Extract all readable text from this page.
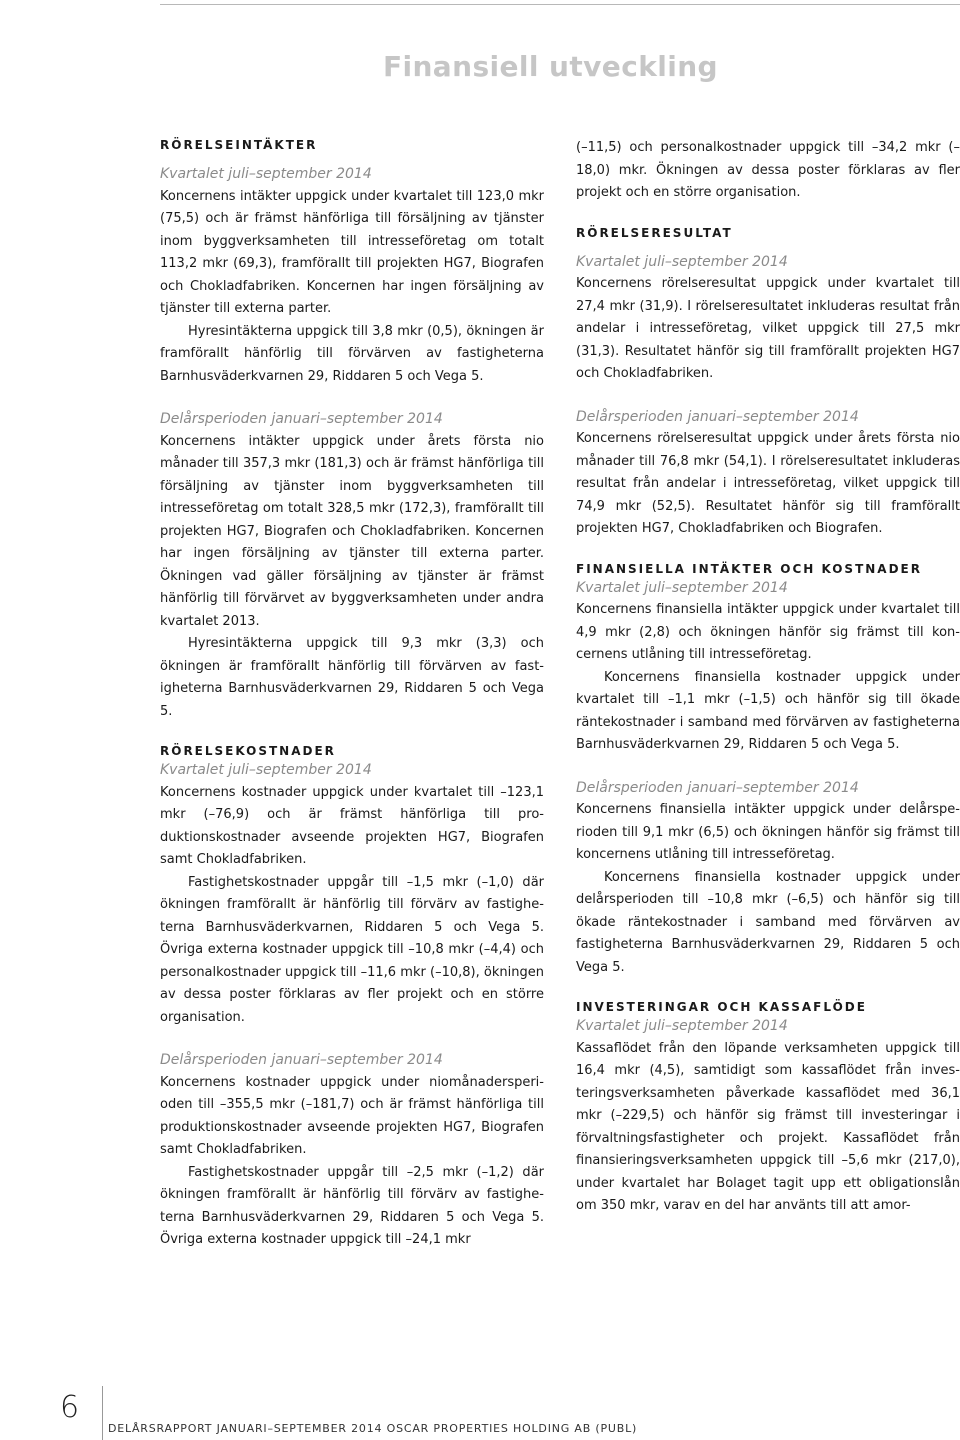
Finansiell utveckling
RÖRELSEINTÄKTER

Kvartalet juli–september 2014

Koncernens intäkter uppgick under kvartalet till 123,0 mkr (75,5) och är främst hänförliga till försäljning av tjänster inom byggverksamheten till intresseföretag om totalt 113,2 mkr (69,3), framförallt till projekten HG7, Biografen och Chokladfabriken. Koncernen har ingen försäljning av tjänster till externa parter.

Hyresintäkterna uppgick till 3,8 mkr (0,5), ökningen är framförallt hänförlig till förvärven av fastigheterna Barnhusväderkvarnen 29, Riddaren 5 och Vega 5.

Delårsperioden januari–september 2014

Koncernens intäkter uppgick under årets första nio månader till 357,3 mkr (181,3) och är främst hänförliga till försäljning av tjänster inom byggverksamheten till intresseföretag om totalt 328,5 mkr (172,3), framförallt till projekten HG7, Biografen och Chokladfabriken. Koncernen har ingen försäljning av tjänster till externa parter. Ökningen vad gäller försäljning av tjänster är främst hänförlig till förvärvet av byggverksamheten under andra kvartalet 2013.

Hyresintäkterna uppgick till 9,3 mkr (3,3) och ökningen är framförallt hänförlig till förvärven av fastigheterna Barnhusväderkvarnen 29, Riddaren 5 och Vega 5.

RÖRELSEKOSTNADER

Kvartalet juli–september 2014

Koncernens kostnader uppgick under kvartalet till –123,1 mkr (–76,9) och är främst hänförliga till produktionskostnader avseende projekten HG7, Biografen samt Chokladfabriken.

Fastighetskostnader uppgår till –1,5 mkr (–1,0) där ökningen framförallt är hänförlig till förvärv av fastigheterna Barnhusväderkvarnen, Riddaren 5 och Vega 5. Övriga externa kostnader uppgick till –10,8 mkr (–4,4) och personalkostnader uppgick till –11,6 mkr (–10,8), ökningen av dessa poster förklaras av fler projekt och en större organisation.

Delårsperioden januari–september 2014

Koncernens kostnader uppgick under niomånadersperioden till –355,5 mkr (–181,7) och är främst hänförliga till produktionskostnader avseende projekten HG7, Biografen samt Chokladfabriken.

Fastighetskostnader uppgår till –2,5 mkr (–1,2) där ökningen framförallt är hänförlig till förvärv av fastigheterna Barnhusväderkvarnen 29, Riddaren 5 och Vega 5. Övriga externa kostnader uppgick till –24,1 mkr

(–11,5) och personalkostnader uppgick till –34,2 mkr (–18,0) mkr. Ökningen av dessa poster förklaras av fler projekt och en större organisation.

RÖRELSERESULTAT

Kvartalet juli–september 2014

Koncernens rörelseresultat uppgick under kvartalet till 27,4 mkr (31,9). I rörelseresultatet inkluderas resultat från andelar i intresseföretag, vilket uppgick till 27,5 mkr (31,3). Resultatet hänför sig till framförallt projekten HG7 och Chokladfabriken.

Delårsperioden januari–september 2014

Koncernens rörelseresultat uppgick under årets första nio månader till 76,8 mkr (54,1). I rörelseresultatet inkluderas resultat från andelar i intresseföretag, vilket uppgick till 74,9 mkr (52,5). Resultatet hänför sig till framförallt projekten HG7, Chokladfabriken och Biografen.

FINANSIELLA INTÄKTER OCH KOSTNADER

Kvartalet juli–september 2014

Koncernens finansiella intäkter uppgick under kvartalet till 4,9 mkr (2,8) och ökningen hänför sig främst till koncernens utlåning till intresseföretag.

Koncernens finansiella kostnader uppgick under kvartalet till –1,1 mkr (–1,5) och hänför sig till ökade räntekostnader i samband med förvärven av fastigheterna Barnhusväderkvarnen 29, Riddaren 5 och Vega 5.

Delårsperioden januari–september 2014

Koncernens finansiella intäkter uppgick under delårsperioden till 9,1 mkr (6,5) och ökningen hänför sig främst till koncernens utlåning till intresseföretag.

Koncernens finansiella kostnader uppgick under delårsperioden till –10,8 mkr (–6,5) och hänför sig till ökade räntekostnader i samband med förvärven av fastigheterna Barnhusväderkvarnen 29, Riddaren 5 och Vega 5.

INVESTERINGAR OCH KASSAFLÖDE

Kvartalet juli–september 2014

Kassaflödet från den löpande verksamheten uppgick till 16,4 mkr (4,5), samtidigt som kassaflödet från investeringsverksamheten påverkade kassaflödet med 36,1 mkr (–229,5) och hänför sig främst till investeringar i förvaltningsfastigheter och projekt. Kassaflödet från finansieringsverksamheten uppgick till –5,6 mkr (217,0), under kvartalet har Bolaget tagit upp ett obligationslån om 350 mkr, varav en del har använts till att amor-

6
DELÅRSRAPPORT JANUARI–SEPTEMBER 2014 OSCAR PROPERTIES HOLDING AB (PUBL)
